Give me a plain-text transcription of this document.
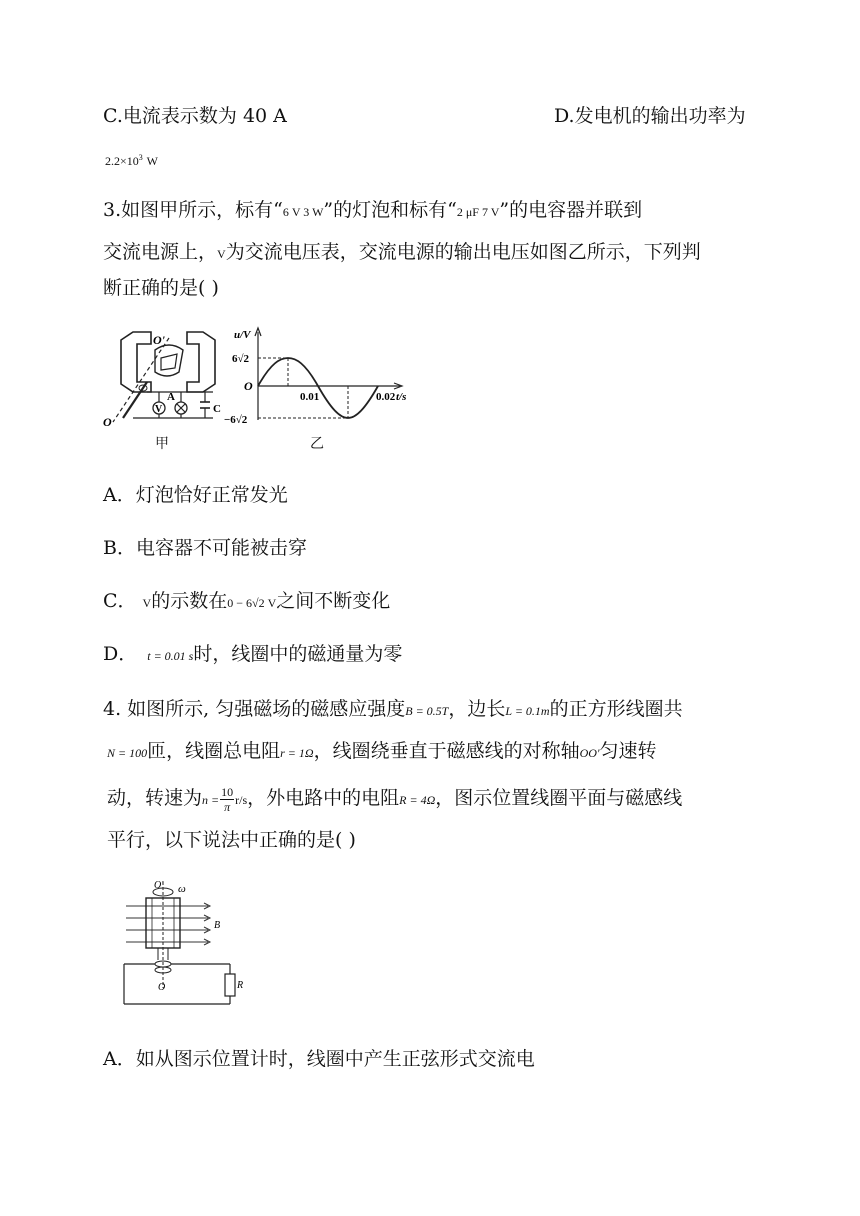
C.电流表示数为 40 A	D.发电机的输出功率为
$2.2\times 10^3$ W
3.如图甲所示，标有“6 V 3 W”的灯泡和标有“2 μF 7 V”的电容器并联到
交流电源上，V为交流电压表，交流电源的输出电压如图乙所示，下列判
断正确的是( )
V
A
C
O'
O
甲
u/V
6√2
−6√2
O
0.01	0.02 t/s
乙
A．灯泡恰好正常发光
B．电容器不可能被击穿
C． V的示数在0 − 6√2 V之间不断变化
D． t = 0.01 s时，线圈中的磁通量为零
4. 如图所示, 匀强磁场的磁感应强度B = 0.5T，边长L = 0.1m的正方形线圈共
N = 100匝，线圈总电阻r = 1Ω，线圈绕垂直于磁感线的对称轴OO'匀速转
动，转速为$n = \frac{10}{\pi} r/s$，外电路中的电阻R = 4Ω，图示位置线圈平面与磁感线
平行，以下说法中正确的是( )
O' ω
B
R
O
A．如从图示位置计时，线圈中产生正弦形式交流电
